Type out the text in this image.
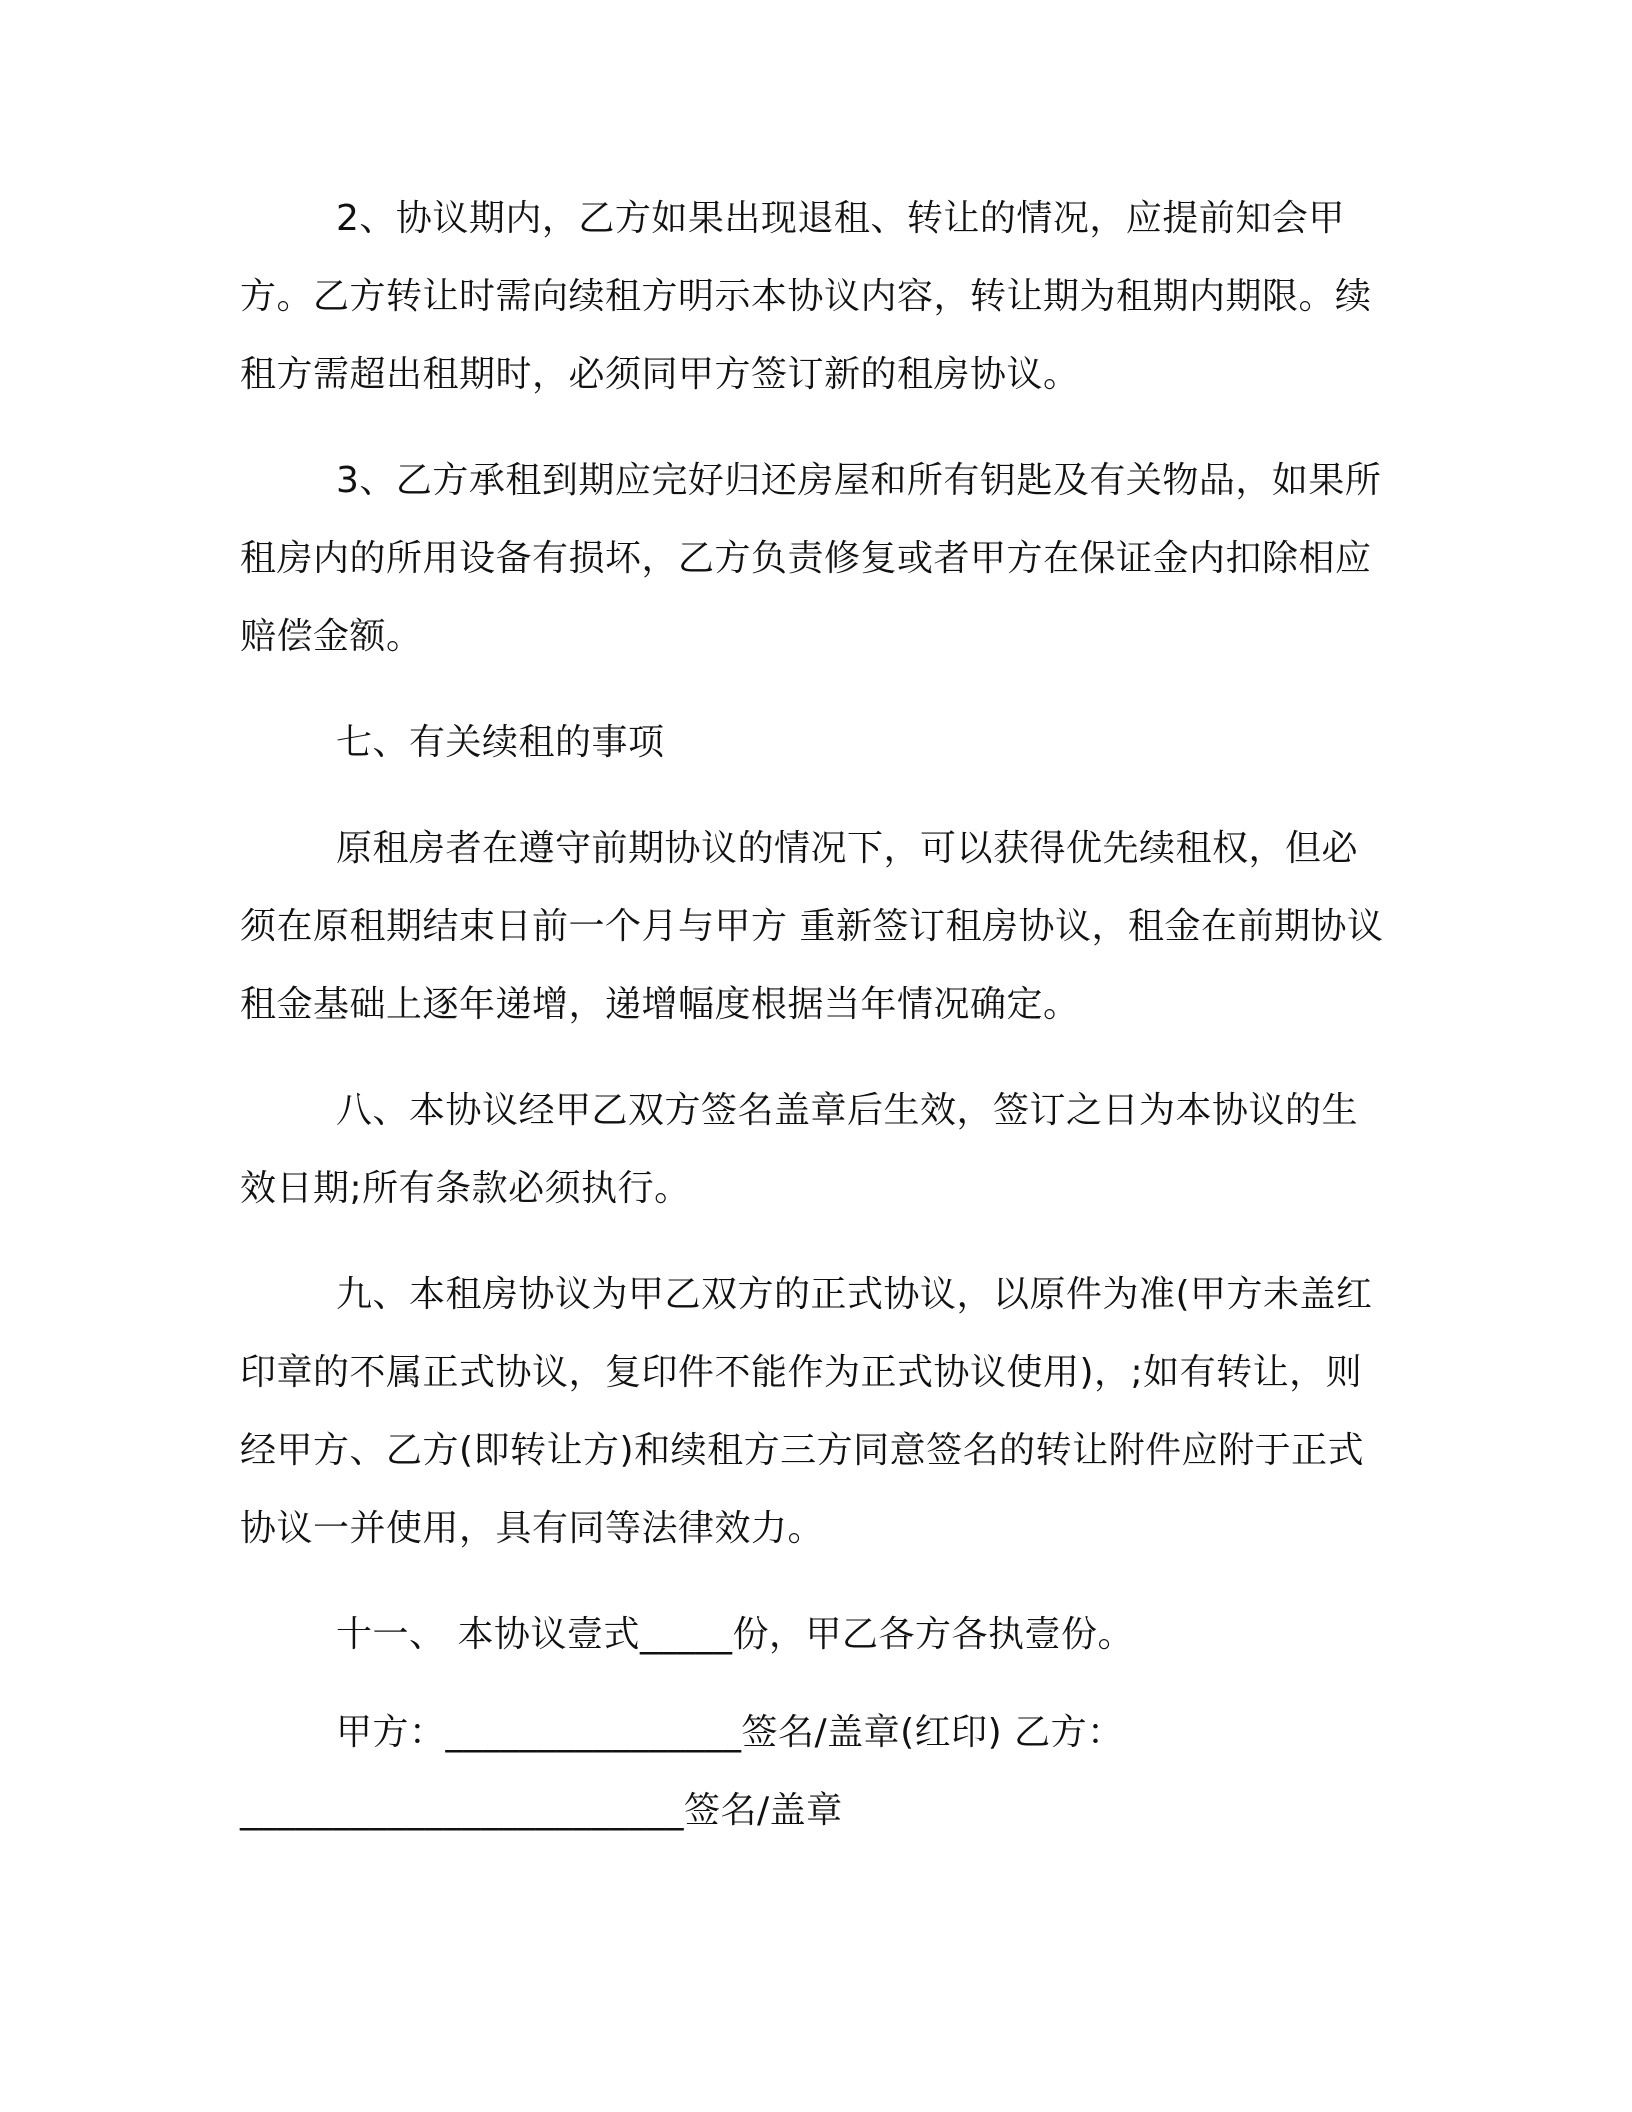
2、协议期内，乙方如果出现退租、转让的情况，应提前知会甲方。乙方转让时需向续租方明示本协议内容，转让期为租期内期限。续租方需超出租期时，必须同甲方签订新的租房协议。

3、乙方承租到期应完好归还房屋和所有钥匙及有关物品，如果所租房内的所用设备有损坏，乙方负责修复或者甲方在保证金内扣除相应赔偿金额。

七、有关续租的事项

原租房者在遵守前期协议的情况下，可以获得优先续租权，但必须在原租期结束日前一个月与甲方 重新签订租房协议，租金在前期协议租金基础上逐年递增，递增幅度根据当年情况确定。

八、本协议经甲乙双方签名盖章后生效，签订之日为本协议的生效日期;所有条款必须执行。

九、本租房协议为甲乙双方的正式协议，以原件为准(甲方未盖红印章的不属正式协议，复印件不能作为正式协议使用)，;如有转让，则经甲方、乙方(即转让方)和续租方三方同意签名的转让附件应附于正式协议一并使用，具有同等法律效力。

十一、 本协议壹式_____份，甲乙各方各执壹份。

甲方：________________签名/盖章(红印) 乙方：________________________签名/盖章
